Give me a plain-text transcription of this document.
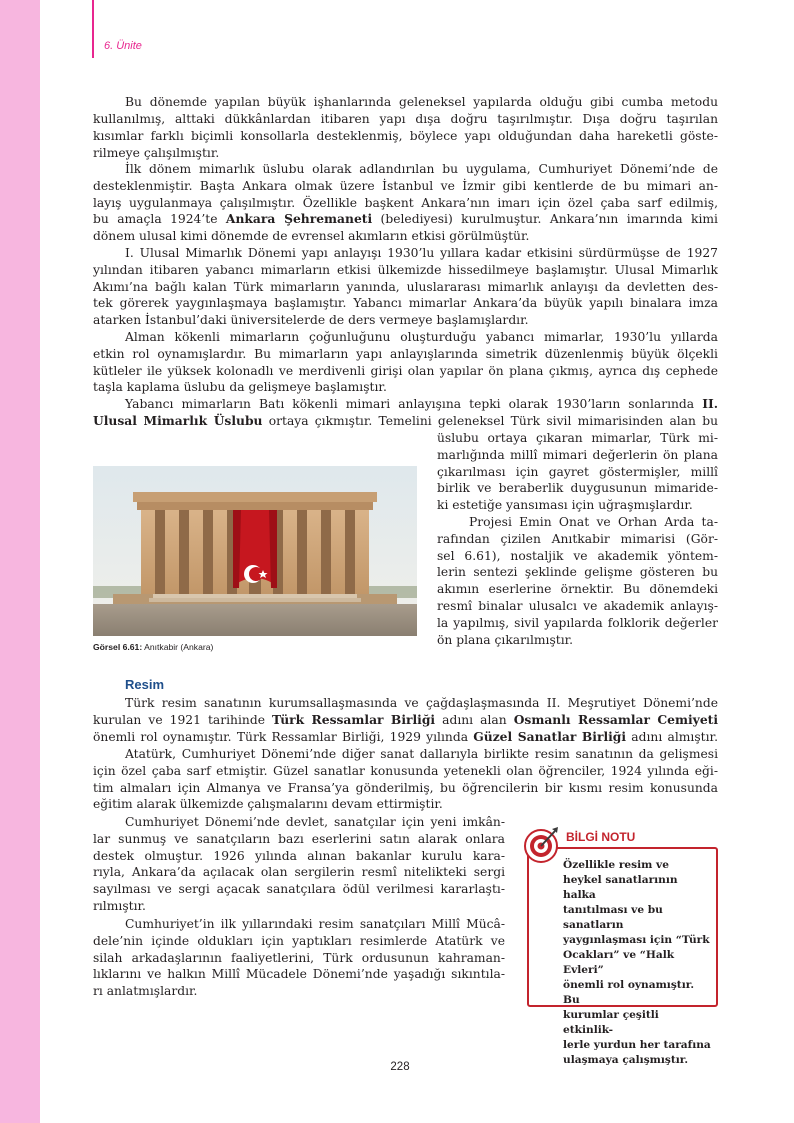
6. Ünite

Bu dönemde yapılan büyük işhanlarında geleneksel yapılarda olduğu gibi cumba metodu

kullanılmış, alttaki dükkânlardan itibaren yapı dışa doğru taşırılmıştır. Dışa doğru taşırılan
kısımlar farklı biçimli konsollarla desteklenmiş, böylece yapı olduğundan daha hareketli göste-
rilmeye çalışılmıştır.

İlk dönem mimarlık üslubu olarak adlandırılan bu uygulama, Cumhuriyet Dönemi’nde de
desteklenmiştir. Başta Ankara olmak üzere İstanbul ve İzmir gibi kentlerde de bu mimari an-
layış uygulanmaya çalışılmıştır. Özellikle başkent Ankara’nın imarı için özel çaba sarf edilmiş,
bu amaçla 1924’te Ankara Şehremaneti (belediyesi) kurulmuştur. Ankara’nın imarında kimi
dönem ulusal kimi dönemde de evrensel akımların etkisi görülmüştür.

I. Ulusal Mimarlık Dönemi yapı anlayışı 1930’lu yıllara kadar etkisini sürdürmüşse de 1927
yılından itibaren yabancı mimarların etkisi ülkemizde hissedilmeye başlamıştır. Ulusal Mimarlık
Akımı’na bağlı kalan Türk mimarların yanında, uluslararası mimarlık anlayışı da devletten des-
tek görerek yaygınlaşmaya başlamıştır. Yabancı mimarlar Ankara’da büyük yapılı binalara imza
atarken İstanbul’daki üniversitelerde de ders vermeye başlamışlardır.

Alman kökenli mimarların çoğunluğunu oluşturduğu yabancı mimarlar, 1930’lu yıllarda
etkin rol oynamışlardır. Bu mimarların yapı anlayışlarında simetrik düzenlenmiş büyük ölçekli
kütleler ile yüksek kolonadlı ve merdivenli girişi olan yapılar ön plana çıkmış, ayrıca dış cephede
taşla kaplama üslubu da gelişmeye başlamıştır.

Yabancı mimarların Batı kökenli mimari anlayışına tepki olarak 1930’ların sonlarında II.
Ulusal Mimarlık Üslubu ortaya çıkmıştır. Temelini geleneksel Türk sivil mimarisinden alan bu

üslubu ortaya çıkaran mimarlar, Türk mi-
marlığında millî mimari değerlerin ön plana
çıkarılması için gayret göstermişler, millî
birlik ve beraberlik duygusunun mimaride-
ki estetiğe yansıması için uğraşmışlardır.

Projesi Emin Onat ve Orhan Arda ta-
rafından çizilen Anıtkabir mimarisi (Gör-
sel 6.61), nostaljik ve akademik yöntem-
lerin sentezi şeklinde gelişme gösteren bu
akımın eserlerine örnektir. Bu dönemdeki
resmî binalar ulusalcı ve akademik anlayış-
la yapılmış, sivil yapılarda folklorik değerler
ön plana çıkarılmıştır.

Görsel 6.61: Anıtkabir (Ankara)

Resim

Türk resim sanatının kurumsallaşmasında ve çağdaşlaşmasında II. Meşrutiyet Dönemi’nde
kurulan ve 1921 tarihinde Türk Ressamlar Birliği adını alan Osmanlı Ressamlar Cemiyeti
önemli rol oynamıştır. Türk Ressamlar Birliği, 1929 yılında Güzel Sanatlar Birliği adını almıştır.

Atatürk, Cumhuriyet Dönemi’nde diğer sanat dallarıyla birlikte resim sanatının da gelişmesi
için özel çaba sarf etmiştir. Güzel sanatlar konusunda yetenekli olan öğrenciler, 1924 yılında eği-
tim almaları için Almanya ve Fransa’ya gönderilmiş, bu öğrencilerin bir kısmı resim konusunda
eğitim alarak ülkemizde çalışmalarını devam ettirmiştir.

Cumhuriyet Dönemi’nde devlet, sanatçılar için yeni imkân-
lar sunmuş ve sanatçıların bazı eserlerini satın alarak onlara
destek olmuştur. 1926 yılında alınan bakanlar kurulu kara-
rıyla, Ankara’da açılacak olan sergilerin resmî nitelikteki sergi
sayılması ve sergi açacak sanatçılara ödül verilmesi kararlaştı-
rılmıştır.

Cumhuriyet’in ilk yıllarındaki resim sanatçıları Millî Mücâ-
dele’nin içinde oldukları için yaptıkları resimlerde Atatürk ve
silah arkadaşlarının faaliyetlerini, Türk ordusunun kahraman-
lıklarını ve halkın Millî Mücadele Dönemi’nde yaşadığı sıkıntıla-
rı anlatmışlardır.

BİLGİ NOTU

Özellikle resim ve
heykel sanatlarının halka
tanıtılması ve bu sanatların
yaygınlaşması için “Türk
Ocakları” ve “Halk Evleri”
önemli rol oynamıştır. Bu
kurumlar çeşitli etkinlik-
lerle yurdun her tarafına
ulaşmaya çalışmıştır.

228
